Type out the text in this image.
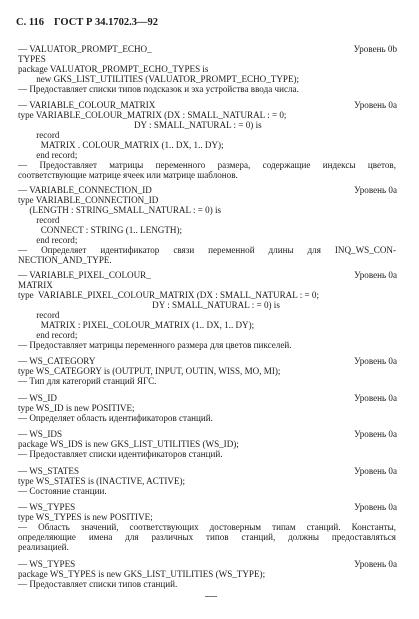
С. 116 ГОСТ Р 34.1702.3—92
— VALUATOR_PROMPT_ECHO_	Уровень 0b
TYPES
package VALUATOR_PROMPT_ECHO_TYPES is
new GKS_LIST_UTILITIES (VALUATOR_PROMPT_ECHO_TYPE);
— Предоставляет списки типов подсказок и эха устройства ввода числа.
— VARIABLE_COLOUR_MATRIX	Уровень 0a
type VARIABLE_COLOUR_MATRIX (DX : SMALL_NATURAL : = 0;
DY : SMALL_NATURAL : = 0) is
record
MATRIX . COLOUR_MATRIX (1.. DX, 1.. DY);
end record;
— Предоставляет матрицы переменного размера, содержащие индексы цветов,
соответствующие матрице ячеек или матрице шаблонов.
— VARIABLE_CONNECTION_ID	Уровень 0a
type VARIABLE_CONNECTION_ID
(LENGTH : STRING_SMALL_NATURAL : = 0) is
record
CONNECT : STRING (1.. LENGTH);
end record;
— Определяет идентификатор связи переменной длины для INQ_WS_CON-
NECTION_AND_TYPE.
— VARIABLE_PIXEL_COLOUR_	Уровень 0a
MATRIX
type  VARIABLE_PIXEL_COLOUR_MATRIX (DX : SMALL_NATURAL : = 0;
DY : SMALL_NATURAL : = 0) is
record
MATRIX : PIXEL_COLOUR_MATRIX (1.. DX, 1.. DY);
end record;
— Предоставляет матрицы переменного размера для цветов пикселей.
— WS_CATEGORY	Уровень 0a
type WS_CATEGORY is (OUTPUT, INPUT, OUTIN, WISS, MO, MI);
— Тип для категорий станций ЯГС.
— WS_ID	Уровень 0a
type WS_ID is new POSITIVE;
— Определяет область идентификаторов станций.
— WS_IDS	Уровень 0a
package WS_IDS is new GKS_LIST_UTILITIES (WS_ID);
— Предоставляет списки идентификаторов станций.
— WS_STATES	Уровень 0a
type WS_STATES is (INACTIVE, ACTIVE);
— Состояние станции.
— WS_TYPES	Уровень 0a
type WS_TYPES is new POSITIVE;
— Область значений, соответствующих достоверным типам станций. Константы,
определяющие имена для различных типов станций, должны предоставляться
реализацией.
— WS_TYPES	Уровень 0a
package WS_TYPES is new GKS_LIST_UTILITIES (WS_TYPE);
— Предоставляет списки типов станций.
